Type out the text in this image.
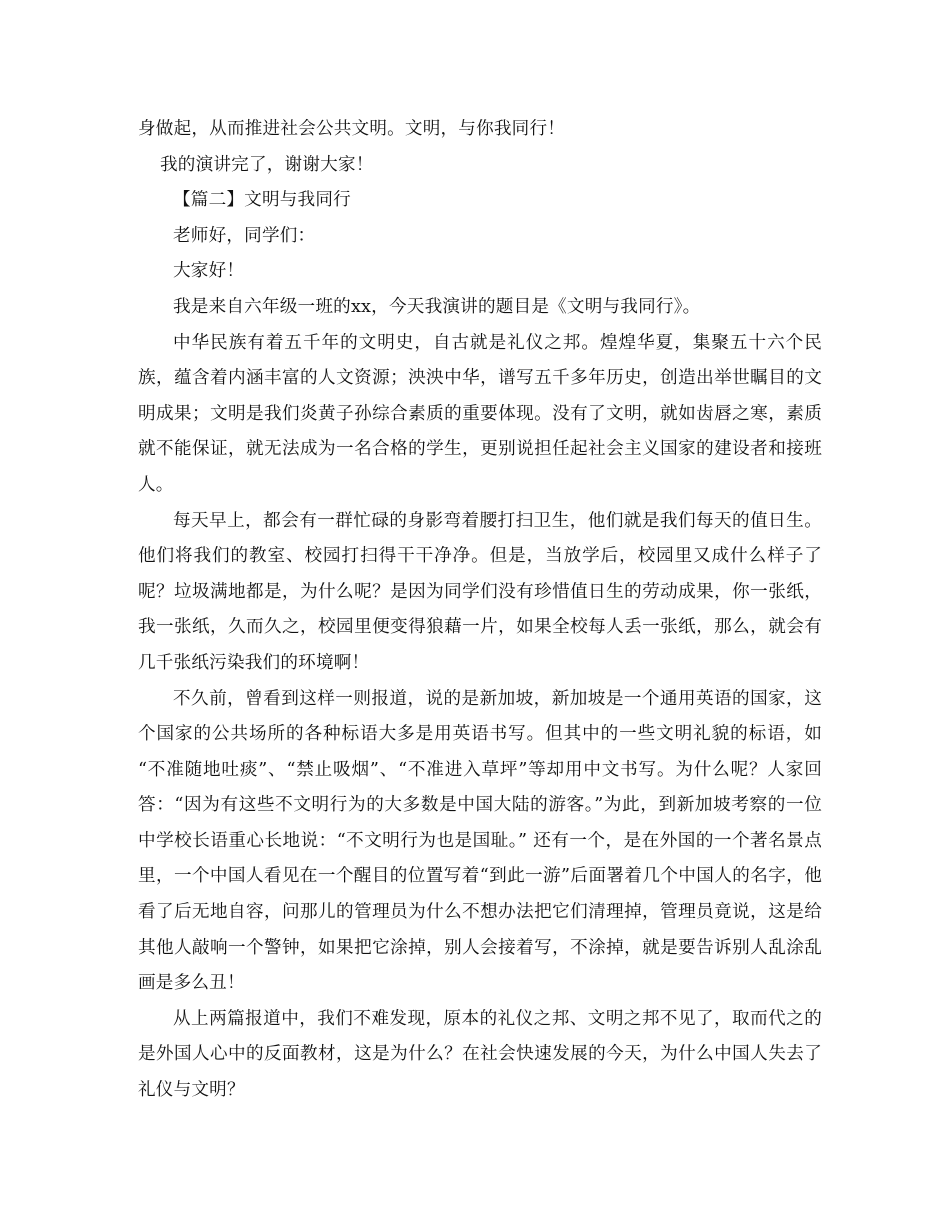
身做起，从而推进社会公共文明。文明，与你我同行！

我的演讲完了，谢谢大家！

【篇二】文明与我同行

老师好，同学们：

大家好！

我是来自六年级一班的xx，今天我演讲的题目是《文明与我同行》。

中华民族有着五千年的文明史，自古就是礼仪之邦。煌煌华夏，集聚五十六个民族，蕴含着内涵丰富的人文资源；泱泱中华，谱写五千多年历史，创造出举世瞩目的文明成果；文明是我们炎黄子孙综合素质的重要体现。没有了文明，就如齿唇之寒，素质就不能保证，就无法成为一名合格的学生，更别说担任起社会主义国家的建设者和接班人。

每天早上，都会有一群忙碌的身影弯着腰打扫卫生，他们就是我们每天的值日生。他们将我们的教室、校园打扫得干干净净。但是，当放学后，校园里又成什么样子了呢？垃圾满地都是，为什么呢？是因为同学们没有珍惜值日生的劳动成果，你一张纸，我一张纸，久而久之，校园里便变得狼藉一片，如果全校每人丢一张纸，那么，就会有几千张纸污染我们的环境啊！

不久前，曾看到这样一则报道，说的是新加坡，新加坡是一个通用英语的国家，这个国家的公共场所的各种标语大多是用英语书写。但其中的一些文明礼貌的标语，如 “不准随地吐痰”、“禁止吸烟”、“不准进入草坪”等却用中文书写。为什么呢？人家回答：“因为有这些不文明行为的大多数是中国大陆的游客。”为此，到新加坡考察的一位中学校长语重心长地说：“不文明行为也是国耻。” 还有一个，是在外国的一个著名景点里，一个中国人看见在一个醒目的位置写着“到此一游”后面署着几个中国人的名字，他看了后无地自容，问那儿的管理员为什么不想办法把它们清理掉，管理员竟说，这是给其他人敲响一个警钟，如果把它涂掉，别人会接着写，不涂掉，就是要告诉别人乱涂乱画是多么丑！

从上两篇报道中，我们不难发现，原本的礼仪之邦、文明之邦不见了，取而代之的是外国人心中的反面教材，这是为什么？在社会快速发展的今天，为什么中国人失去了礼仪与文明？
